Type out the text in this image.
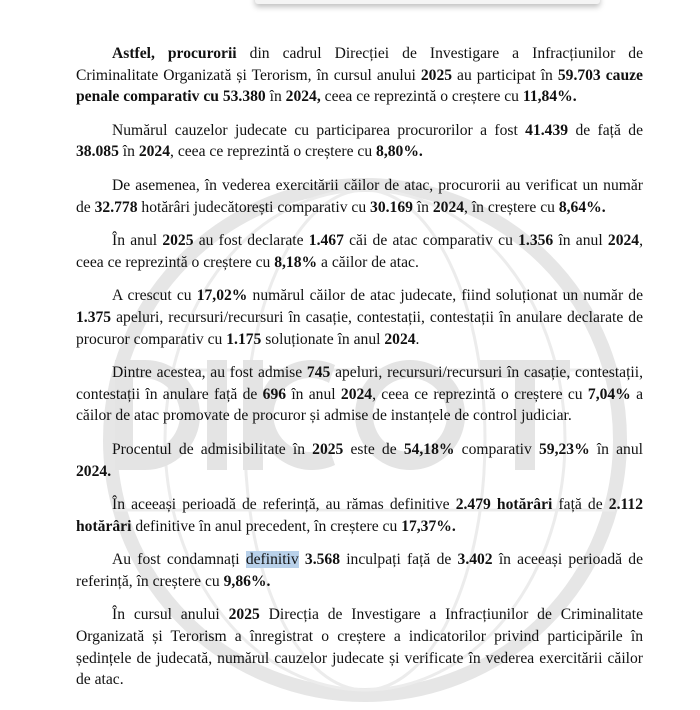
Astfel, procurorii din cadrul Direcției de Investigare a Infracțiunilor de Criminalitate Organizată și Terorism, în cursul anului 2025 au participat în 59.703 cauze penale comparativ cu 53.380 în 2024, ceea ce reprezintă o creștere cu 11,84%.

Numărul cauzelor judecate cu participarea procurorilor a fost 41.439 de față de 38.085 în 2024, ceea ce reprezintă o creștere cu 8,80%.

De asemenea, în vederea exercitării căilor de atac, procurorii au verificat un număr de 32.778 hotărâri judecătorești comparativ cu 30.169 în 2024, în creștere cu 8,64%.

În anul 2025 au fost declarate 1.467 căi de atac comparativ cu 1.356 în anul 2024, ceea ce reprezintă o creștere cu 8,18% a căilor de atac.

A crescut cu 17,02% numărul căilor de atac judecate, fiind soluționat un număr de 1.375 apeluri, recursuri/recursuri în casație, contestații, contestații în anulare declarate de procuror comparativ cu 1.175 soluționate în anul 2024.

Dintre acestea, au fost admise 745 apeluri, recursuri/recursuri în casație, contestații, contestații în anulare față de 696 în anul 2024, ceea ce reprezintă o creștere cu 7,04% a căilor de atac promovate de procuror și admise de instanțele de control judiciar.

Procentul de admisibilitate în 2025 este de 54,18% comparativ 59,23% în anul 2024.

În aceeași perioadă de referință, au rămas definitive 2.479 hotărâri față de 2.112 hotărâri definitive în anul precedent, în creștere cu 17,37%.

Au fost condamnați definitiv 3.568 inculpați față de 3.402 în aceeași perioadă de referință, în creștere cu 9,86%.

În cursul anului 2025 Direcția de Investigare a Infracțiunilor de Criminalitate Organizată și Terorism a înregistrat o creștere a indicatorilor privind participările în ședințele de judecată, numărul cauzelor judecate și verificate în vederea exercitării căilor de atac.
